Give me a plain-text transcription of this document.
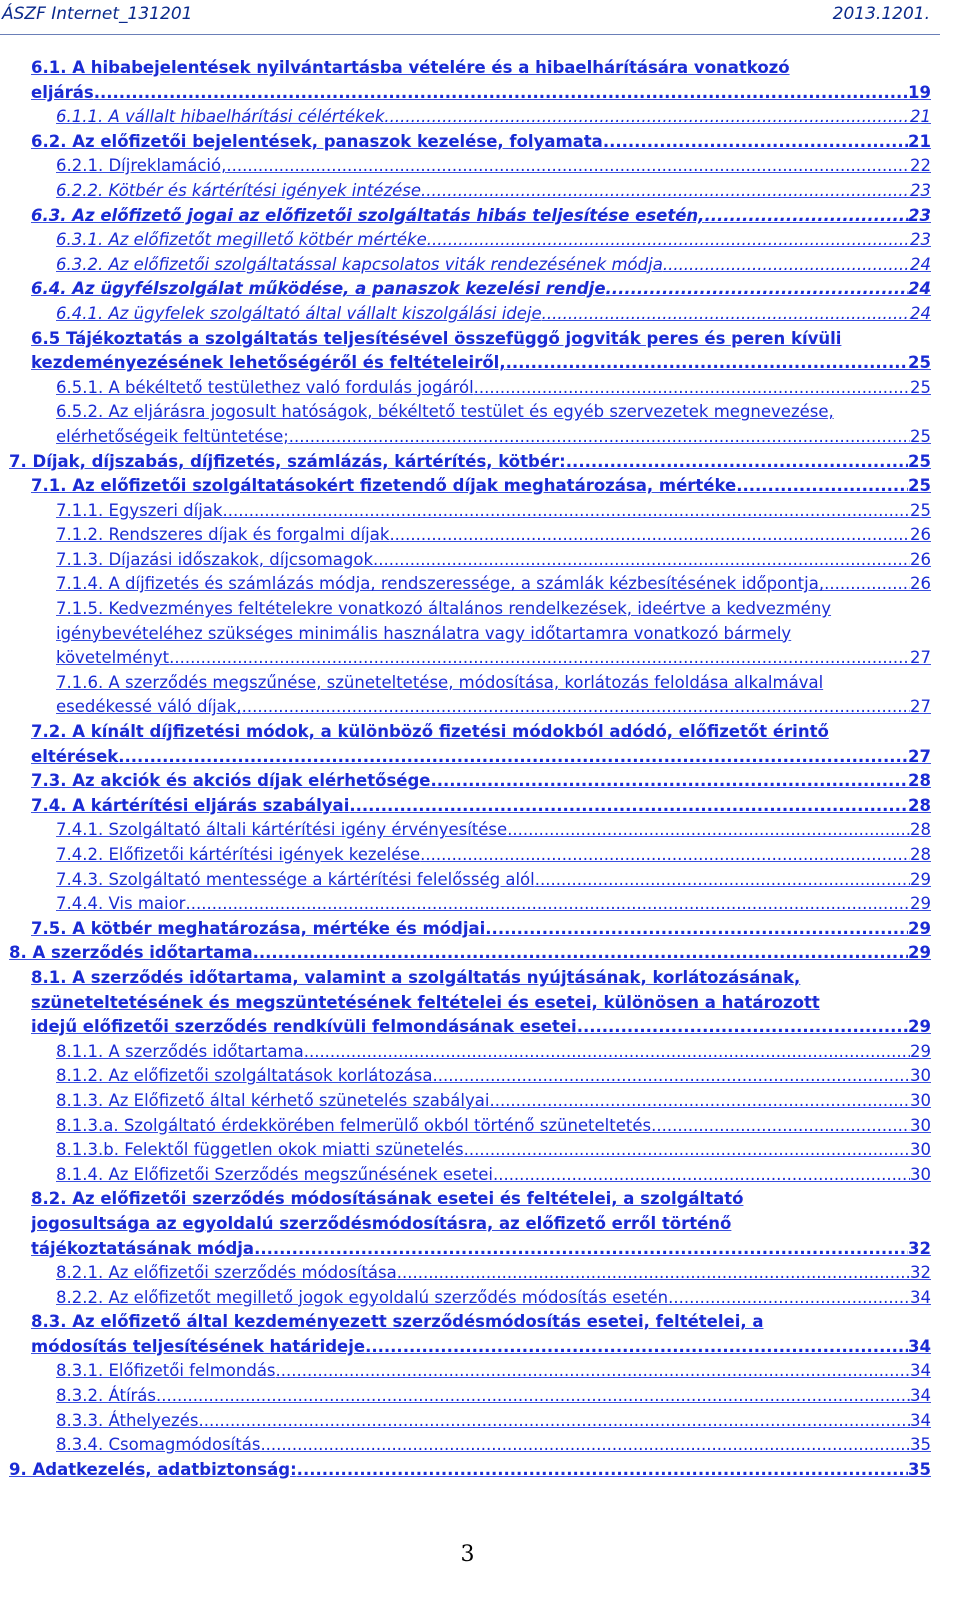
ÁSZF Internet_131201	2013.1201.
6.1. A hibabejelentések nyilvántartásba vételére és a hibaelhárítására vonatkozó
eljárás .....	19
6.1.1. A vállalt hibaelhárítási célértékek .....	21
6.2. Az előfizetői bejelentések, panaszok kezelése, folyamata .....	21
6.2.1. Díjreklamáció, .....	22
6.2.2. Kötbér és kártérítési igények intézése .....	23
6.3. Az előfizető jogai az előfizetői szolgáltatás hibás teljesítése esetén, .....	23
6.3.1. Az előfizetőt megillető kötbér mértéke .....	23
6.3.2. Az előfizetői szolgáltatással kapcsolatos viták rendezésének módja .....	24
6.4. Az ügyfélszolgálat működése, a panaszok kezelési rendje .....	24
6.4.1. Az ügyfelek szolgáltató által vállalt kiszolgálási ideje .....	24
6.5 Tájékoztatás a szolgáltatás teljesítésével összefüggő jogviták peres és peren kívüli
kezdeményezésének lehetőségéről és feltételeiről, .....	25
6.5.1. A békéltető testülethez való fordulás jogáról .....	25
6.5.2. Az eljárásra jogosult hatóságok, békéltető testület és egyéb szervezetek megnevezése,
elérhetőségeik feltüntetése; .....	25
7. Díjak, díjszabás, díjfizetés, számlázás, kártérítés, kötbér: .....	25
7.1. Az előfizetői szolgáltatásokért fizetendő díjak meghatározása, mértéke .....	25
7.1.1. Egyszeri díjak .....	25
7.1.2. Rendszeres díjak és forgalmi díjak .....	26
7.1.3. Díjazási időszakok, díjcsomagok .....	26
7.1.4. A díjfizetés és számlázás módja, rendszeressége, a számlák kézbesítésének időpontja, .....	26
7.1.5. Kedvezményes feltételekre vonatkozó általános rendelkezések, ideértve a kedvezmény
igénybevételéhez szükséges minimális használatra vagy időtartamra vonatkozó bármely
követelményt .....	27
7.1.6. A szerződés megszűnése, szüneteltetése, módosítása, korlátozás feloldása alkalmával
esedékessé váló díjak, .....	27
7.2. A kínált díjfizetési módok, a különböző fizetési módokból adódó, előfizetőt érintő
eltérések .....	27
7.3. Az akciók és akciós díjak elérhetősége .....	28
7.4. A kártérítési eljárás szabályai .....	28
7.4.1. Szolgáltató általi kártérítési igény érvényesítése .....	28
7.4.2. Előfizetői kártérítési igények kezelése .....	28
7.4.3. Szolgáltató mentessége a kártérítési felelősség alól .....	29
7.4.4. Vis maior .....	29
7.5. A kötbér meghatározása, mértéke és módjai .....	29
8. A szerződés időtartama .....	29
8.1. A szerződés időtartama, valamint a szolgáltatás nyújtásának, korlátozásának,
szüneteltetésének és megszüntetésének feltételei és esetei, különösen a határozott
idejű előfizetői szerződés rendkívüli felmondásának esetei .....	29
8.1.1. A szerződés időtartama .....	29
8.1.2. Az előfizetői szolgáltatások korlátozása .....	30
8.1.3. Az Előfizető által kérhető szünetelés szabályai .....	30
8.1.3.a. Szolgáltató érdekkörében felmerülő okból történő szüneteltetés .....	30
8.1.3.b. Felektől független okok miatti szünetelés .....	30
8.1.4. Az Előfizetői Szerződés megszűnésének esetei .....	30
8.2. Az előfizetői szerződés módosításának esetei és feltételei, a szolgáltató
jogosultsága az egyoldalú szerződésmódosításra, az előfizető erről történő
tájékoztatásának módja .....	32
8.2.1. Az előfizetői szerződés módosítása .....	32
8.2.2. Az előfizetőt megillető jogok egyoldalú szerződés módosítás esetén .....	34
8.3. Az előfizető által kezdeményezett szerződésmódosítás esetei, feltételei, a
módosítás teljesítésének határideje .....	34
8.3.1. Előfizetői felmondás .....	34
8.3.2. Átírás .....	34
8.3.3. Áthelyezés .....	34
8.3.4. Csomagmódosítás .....	35
9. Adatkezelés, adatbiztonság: .....	35
3
